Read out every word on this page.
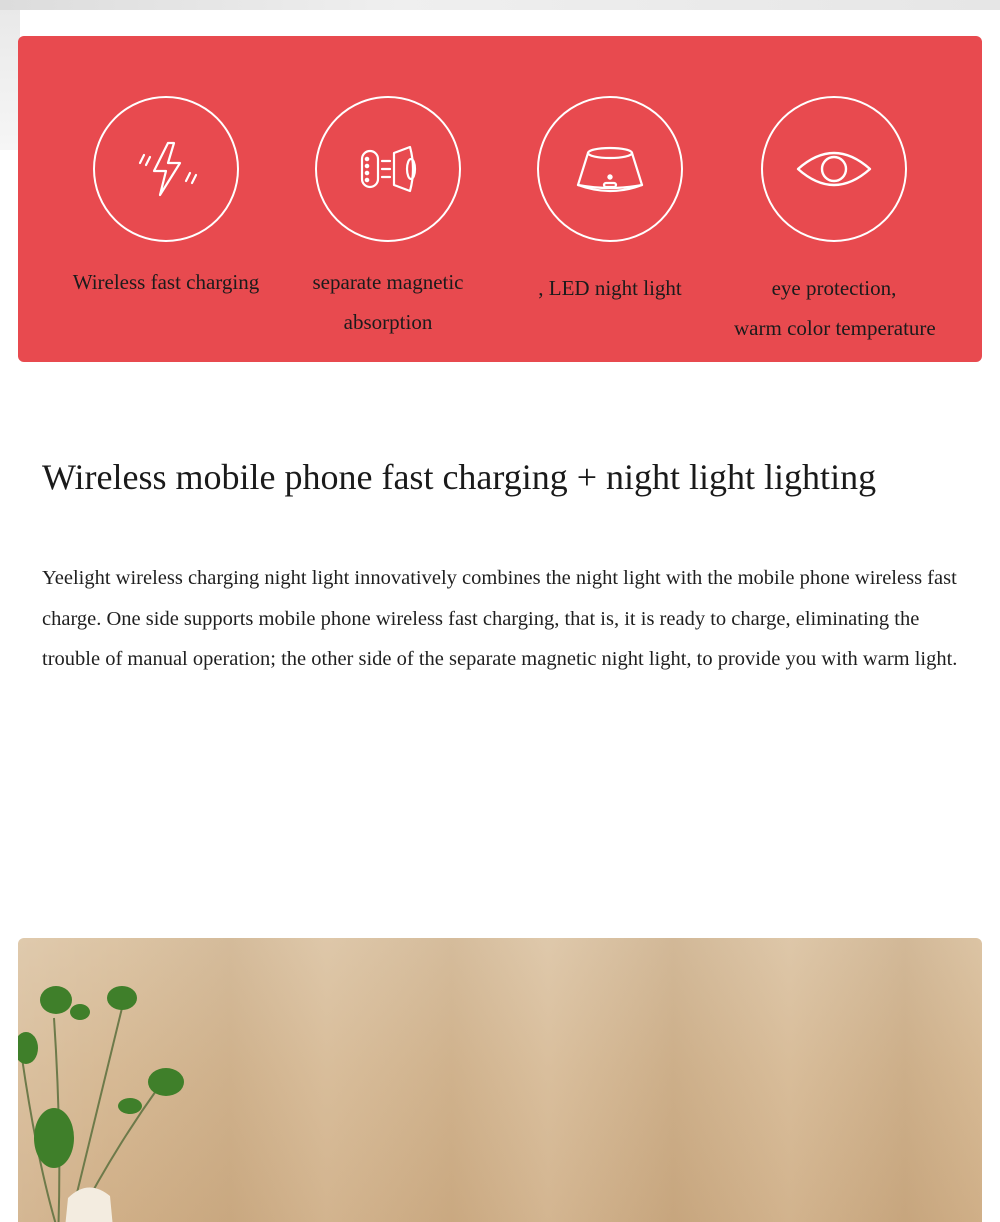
Wireless fast charging	separate magnetic
absorption
, LED night light	eye protection,
warm color temperature
Wireless mobile phone fast charging + night light lighting

Yeelight wireless charging night light innovatively combines the night light with the mobile phone wireless fast charge. One side supports mobile phone wireless fast charging, that is, it is ready to charge, eliminating the trouble of manual operation; the other side of the separate magnetic night light, to provide you with warm light.
